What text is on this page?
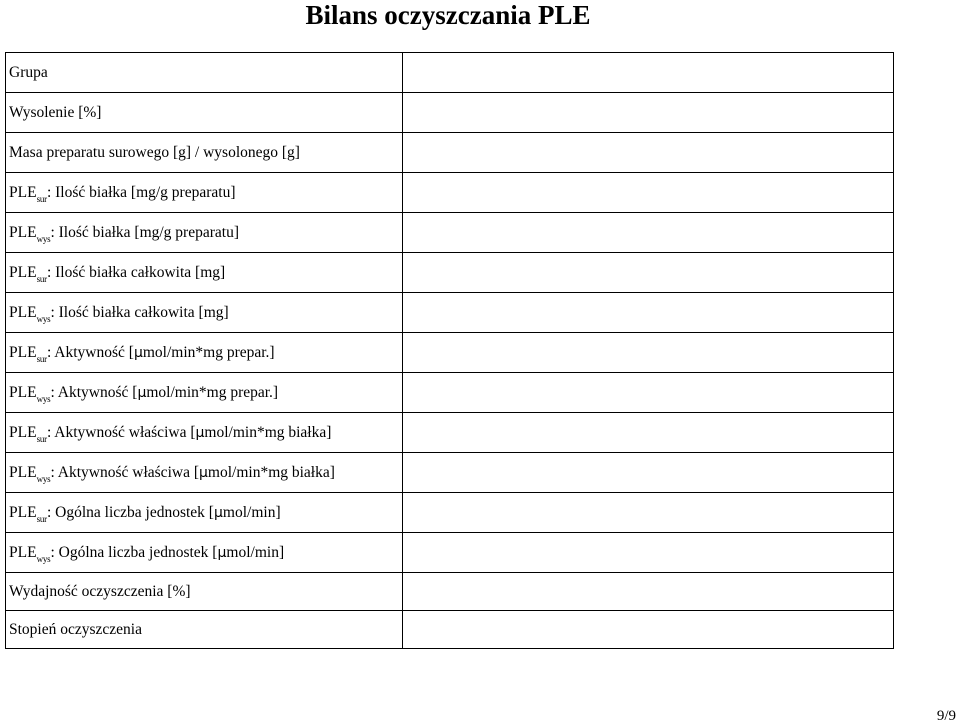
Bilans oczyszczania PLE
Grupa	
Wysolenie [%]	
Masa preparatu surowego [g] / wysolonego [g]	
$PLE_{sur}$: Ilość białka [mg/g preparatu]	
$PLE_{wys}$: Ilość białka [mg/g preparatu]	
$PLE_{sur}$: Ilość białka całkowita [mg]	
$PLE_{wys}$: Ilość białka całkowita [mg]	
$PLE_{sur}$: Aktywność [μmol/min*mg prepar.]	
$PLE_{wys}$: Aktywność [μmol/min*mg prepar.]	
$PLE_{sur}$: Aktywność właściwa [μmol/min*mg białka]	
$PLE_{wys}$: Aktywność właściwa [μmol/min*mg białka]	
$PLE_{sur}$: Ogólna liczba jednostek [μmol/min]	
$PLE_{wys}$: Ogólna liczba jednostek [μmol/min]	
Wydajność oczyszczenia [%]	
Stopień oczyszczenia	
9/9
